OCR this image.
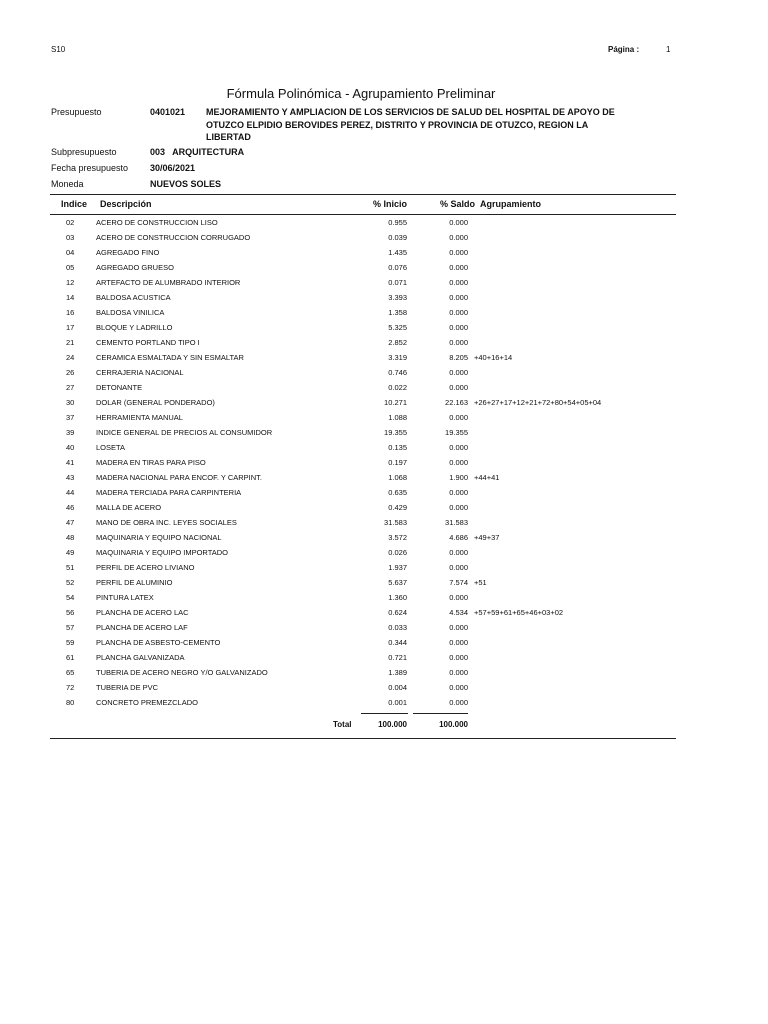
S10	Página :	1
Fórmula Polinómica - Agrupamiento Preliminar
Presupuesto	0401021 MEJORAMIENTO Y AMPLIACION DE LOS SERVICIOS DE SALUD DEL HOSPITAL DE APOYO DE
OTUZCO ELPIDIO BEROVIDES PEREZ, DISTRITO Y PROVINCIA DE OTUZCO, REGION LA
LIBERTAD
Subpresupuesto	003   ARQUITECTURA
Fecha presupuesto 30/06/2021
Moneda	NUEVOS SOLES
Indice Descripción	% Inicio	% Saldo Agrupamiento
02	ACERO DE CONSTRUCCION LISO	0.955	0.000
03	ACERO DE CONSTRUCCION CORRUGADO	0.039	0.000
04	AGREGADO FINO	1.435	0.000
05	AGREGADO GRUESO	0.076	0.000
12	ARTEFACTO DE ALUMBRADO INTERIOR	0.071	0.000
14	BALDOSA ACUSTICA	3.393	0.000
16	BALDOSA VINILICA	1.358	0.000
17	BLOQUE Y LADRILLO	5.325	0.000
21	CEMENTO PORTLAND TIPO I	2.852	0.000
24	CERAMICA ESMALTADA Y SIN ESMALTAR	3.319	8.205 +40+16+14
26	CERRAJERIA NACIONAL	0.746	0.000
27	DETONANTE	0.022	0.000
30	DOLAR (GENERAL PONDERADO)	10.271	22.163 +26+27+17+12+21+72+80+54+05+04
37	HERRAMIENTA MANUAL	1.088	0.000
39	INDICE GENERAL DE PRECIOS AL CONSUMIDOR	19.355	19.355
40	LOSETA	0.135	0.000
41	MADERA EN TIRAS PARA PISO	0.197	0.000
43	MADERA NACIONAL PARA ENCOF. Y CARPINT.	1.068	1.900 +44+41
44	MADERA TERCIADA PARA CARPINTERIA	0.635	0.000
46	MALLA DE ACERO	0.429	0.000
47	MANO DE OBRA INC. LEYES SOCIALES	31.583	31.583
48	MAQUINARIA Y EQUIPO NACIONAL	3.572	4.686 +49+37
49	MAQUINARIA Y EQUIPO IMPORTADO	0.026	0.000
51	PERFIL DE ACERO LIVIANO	1.937	0.000
52	PERFIL DE ALUMINIO	5.637	7.574 +51
54	PINTURA LATEX	1.360	0.000
56	PLANCHA DE ACERO LAC	0.624	4.534 +57+59+61+65+46+03+02
57	PLANCHA DE ACERO LAF	0.033	0.000
59	PLANCHA DE ASBESTO-CEMENTO	0.344	0.000
61	PLANCHA GALVANIZADA	0.721	0.000
65	TUBERIA DE ACERO NEGRO Y/O GALVANIZADO	1.389	0.000
72	TUBERIA DE PVC	0.004	0.000
80	CONCRETO PREMEZCLADO	0.001	0.000
Total	100.000	100.000
